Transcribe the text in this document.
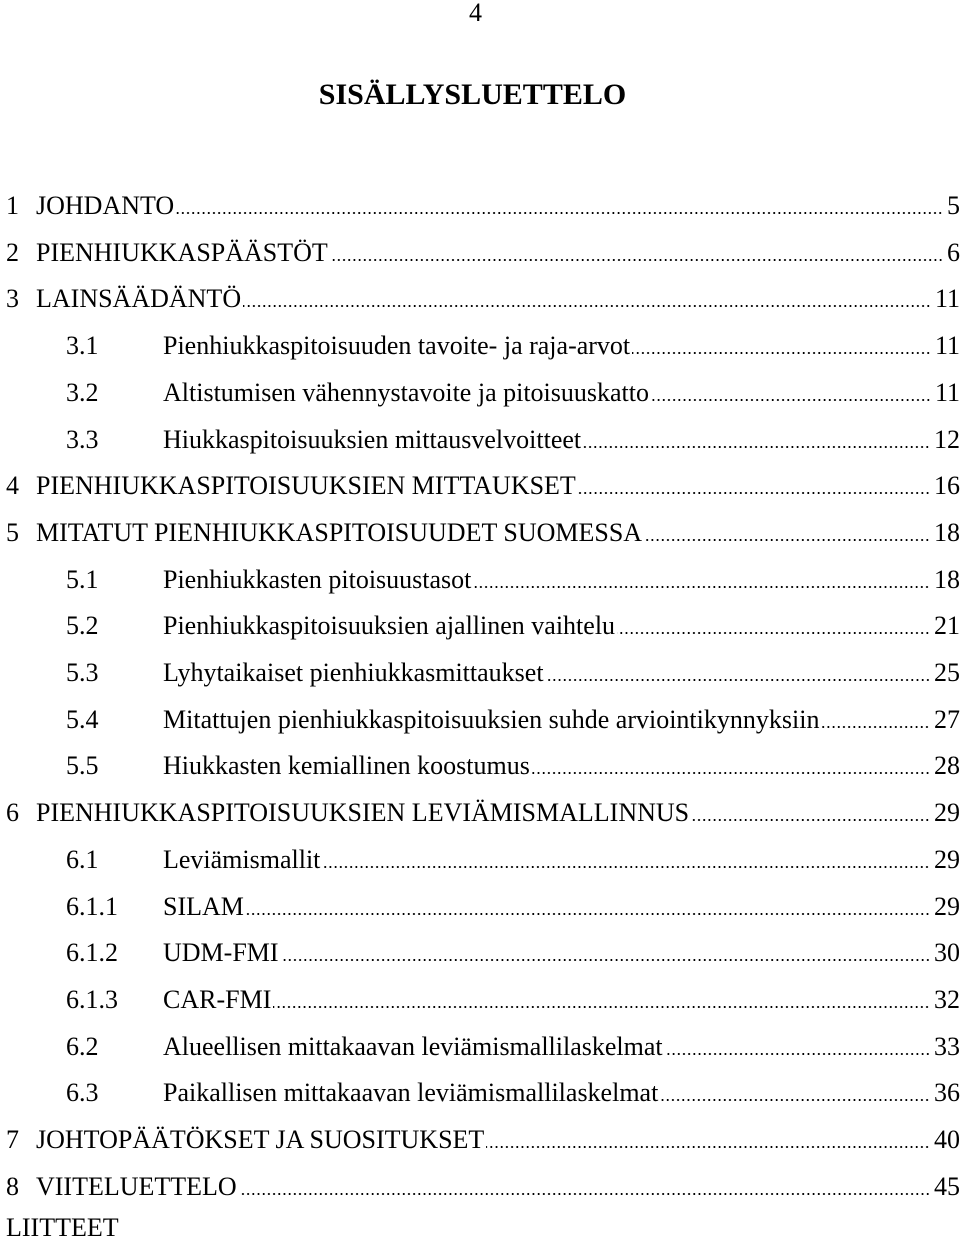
4
SISÄLLYSLUETTELO
1 JOHDANTO	5
2 PIENHIUKKASPÄÄSTÖT	6
3 LAINSÄÄDÄNTÖ	11
3.1 Pienhiukkaspitoisuuden tavoite- ja raja-arvot	11
3.2 Altistumisen vähennystavoite ja pitoisuuskatto	11
3.3 Hiukkaspitoisuuksien mittausvelvoitteet	12
4 PIENHIUKKASPITOISUUKSIEN MITTAUKSET	16
5 MITATUT PIENHIUKKASPITOISUUDET SUOMESSA	18
5.1 Pienhiukkasten pitoisuustasot	18
5.2 Pienhiukkaspitoisuuksien ajallinen vaihtelu	21
5.3 Lyhytaikaiset pienhiukkasmittaukset	25
5.4 Mitattujen pienhiukkaspitoisuuksien suhde arviointikynnyksiin	27
5.5 Hiukkasten kemiallinen koostumus	28
6 PIENHIUKKASPITOISUUKSIEN LEVIÄMISMALLINNUS	29
6.1 Leviämismallit	29
6.1.1 SILAM	29
6.1.2 UDM-FMI	30
6.1.3 CAR-FMI	32
6.2 Alueellisen mittakaavan leviämismallilaskelmat	33
6.3 Paikallisen mittakaavan leviämismallilaskelmat	36
7 JOHTOPÄÄTÖKSET JA SUOSITUKSET	40
8 VIITELUETTELO	45
LIITTEET
